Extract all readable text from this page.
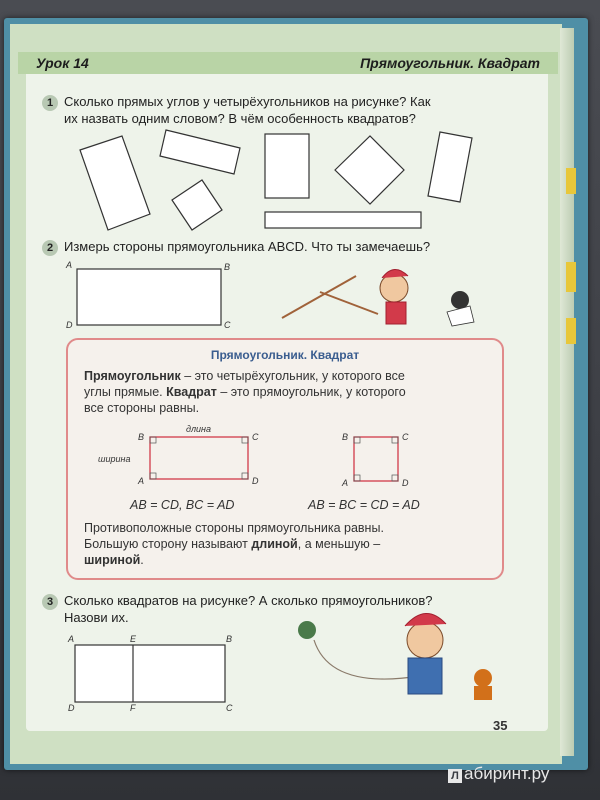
Урок 14	Прямоугольник. Квадрат
1 Сколько прямых углов у четырёхугольников на рисунке? Как
их назвать одним словом? В чём особенность квадратов?
2 Измерь стороны прямоугольника ABCD. Что ты замечаешь?
A	B
C
D
Прямоугольник. Квадрат
Прямоугольник – это четырёхугольник, у которого все
углы прямые. Квадрат – это прямоугольник, у которого
все стороны равны.
длина
ширина
B	C
A	D
B	C
A	D
AB = CD, BC = AD	AB = BC = CD = AD
Противоположные стороны прямоугольника равны.
Большую сторону называют длиной, а меньшую –
шириной.
3 Сколько квадратов на рисунке? А сколько прямоугольников?
Назови их.
A	E	B
D	F	C
35
Л абиринт.ру
